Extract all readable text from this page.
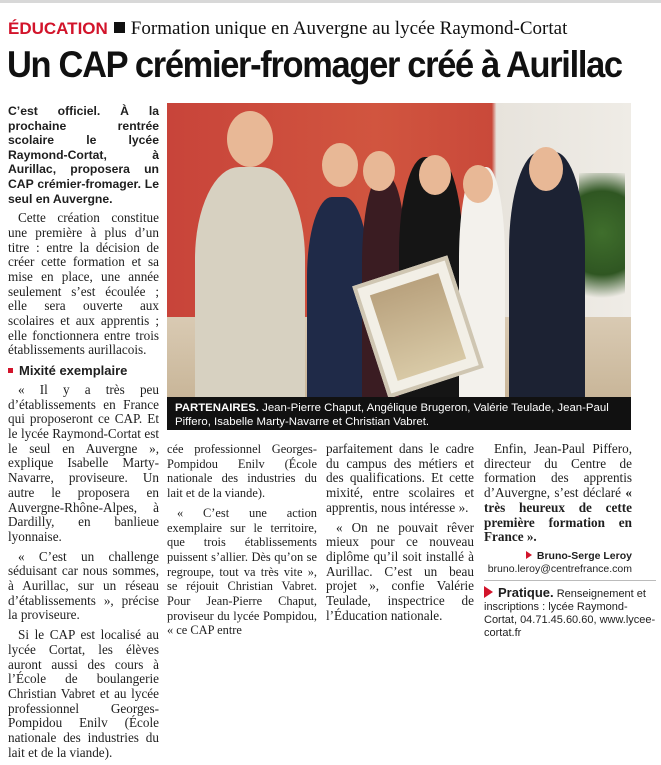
ÉDUCATION Formation unique en Auvergne au lycée Raymond-Cortat
Un CAP crémier-fromager créé à Aurillac

C’est officiel. À la prochaine rentrée scolaire le lycée Raymond-Cortat, à Aurillac, proposera un CAP crémier-fromager. Le seul en Auvergne.

Cette création constitue une première à plus d’un titre : entre la décision de créer cette formation et sa mise en place, une année seulement s’est écoulée ; elle sera ouverte aux scolaires et aux apprentis ; elle fonctionnera entre trois établissements aurillacois.

Mixité exemplaire

« Il y a très peu d’établissements en France qui proposeront ce CAP. Et le lycée Raymond-Cortat est le seul en Auvergne », explique Isabelle Marty-Navarre, proviseure. Un autre le proposera en Auvergne-Rhône-Alpes, à Dardilly, en banlieue lyonnaise.

« C’est un challenge séduisant car nous sommes, à Aurillac, sur un réseau d’établissements », précise la proviseure.

Si le CAP est localisé au lycée Cortat, les élèves auront aussi des cours à l’École de boulangerie Christian Vabret et au lycée professionnel Georges-Pompidou Enilv (École nationale des industries du lait et de la viande).

PARTENAIRES. Jean-Pierre Chaput, Angélique Brugeron, Valérie Teulade, Jean-Paul Piffero, Isabelle Marty-Navarre et Christian Vabret.

cée professionnel Georges-Pompidou Enilv (École nationale des industries du lait et de la viande).

« C’est une action exemplaire sur le territoire, que trois établissements puissent s’allier. Dès qu’on se regroupe, tout va très vite », se réjouit Christian Vabret. Pour Jean-Pierre Chaput, proviseur du lycée Pompidou, « ce CAP entre

parfaitement dans le cadre du campus des métiers et des qualifications. Et cette mixité, entre scolaires et apprentis, nous intéresse ».

« On ne pouvait rêver mieux pour ce nouveau diplôme qu’il soit installé à Aurillac. C’est un beau projet », confie Valérie Teulade, inspectrice de l’Éducation nationale.

Enfin, Jean-Paul Piffero, directeur du Centre de formation des apprentis d’Auvergne, s’est déclaré « très heureux de cette première formation en France ».

Bruno-Serge Leroy
bruno.leroy@centrefrance.com
Pratique. Renseignement et inscriptions : lycée Raymond-Cortat, 04.71.45.60.60, www.lycee-cortat.fr
